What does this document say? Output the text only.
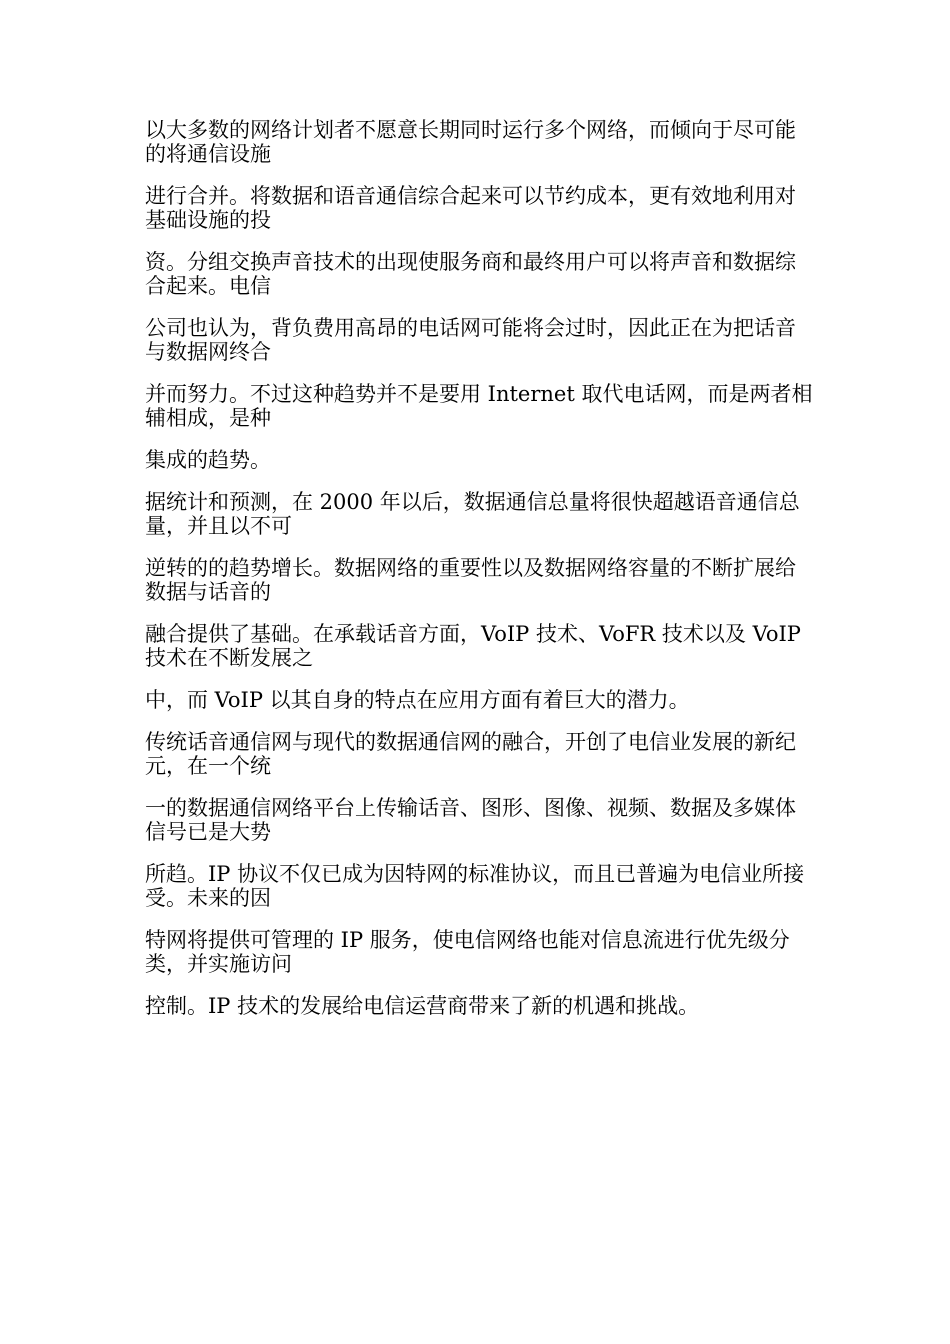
以大多数的网络计划者不愿意长期同时运行多个网络，而倾向于尽可能的将通信设施

进行合并。将数据和语音通信综合起来可以节约成本，更有效地利用对基础设施的投

资。分组交换声音技术的出现使服务商和最终用户可以将声音和数据综合起来。电信

公司也认为，背负费用高昂的电话网可能将会过时，因此正在为把话音与数据网终合

并而努力。不过这种趋势并不是要用 Internet 取代电话网，而是两者相辅相成，是种

集成的趋势。

据统计和预测，在 2000 年以后，数据通信总量将很快超越语音通信总量，并且以不可

逆转的的趋势增长。数据网络的重要性以及数据网络容量的不断扩展给数据与话音的

融合提供了基础。在承载话音方面，VoIP 技术、VoFR 技术以及 VoIP 技术在不断发展之

中，而 VoIP 以其自身的特点在应用方面有着巨大的潜力。

传统话音通信网与现代的数据通信网的融合，开创了电信业发展的新纪元，在一个统

一的数据通信网络平台上传输话音、图形、图像、视频、数据及多媒体信号已是大势

所趋。IP 协议不仅已成为因特网的标准协议，而且已普遍为电信业所接受。未来的因

特网将提供可管理的 IP 服务，使电信网络也能对信息流进行优先级分类，并实施访问

控制。IP 技术的发展给电信运营商带来了新的机遇和挑战。
